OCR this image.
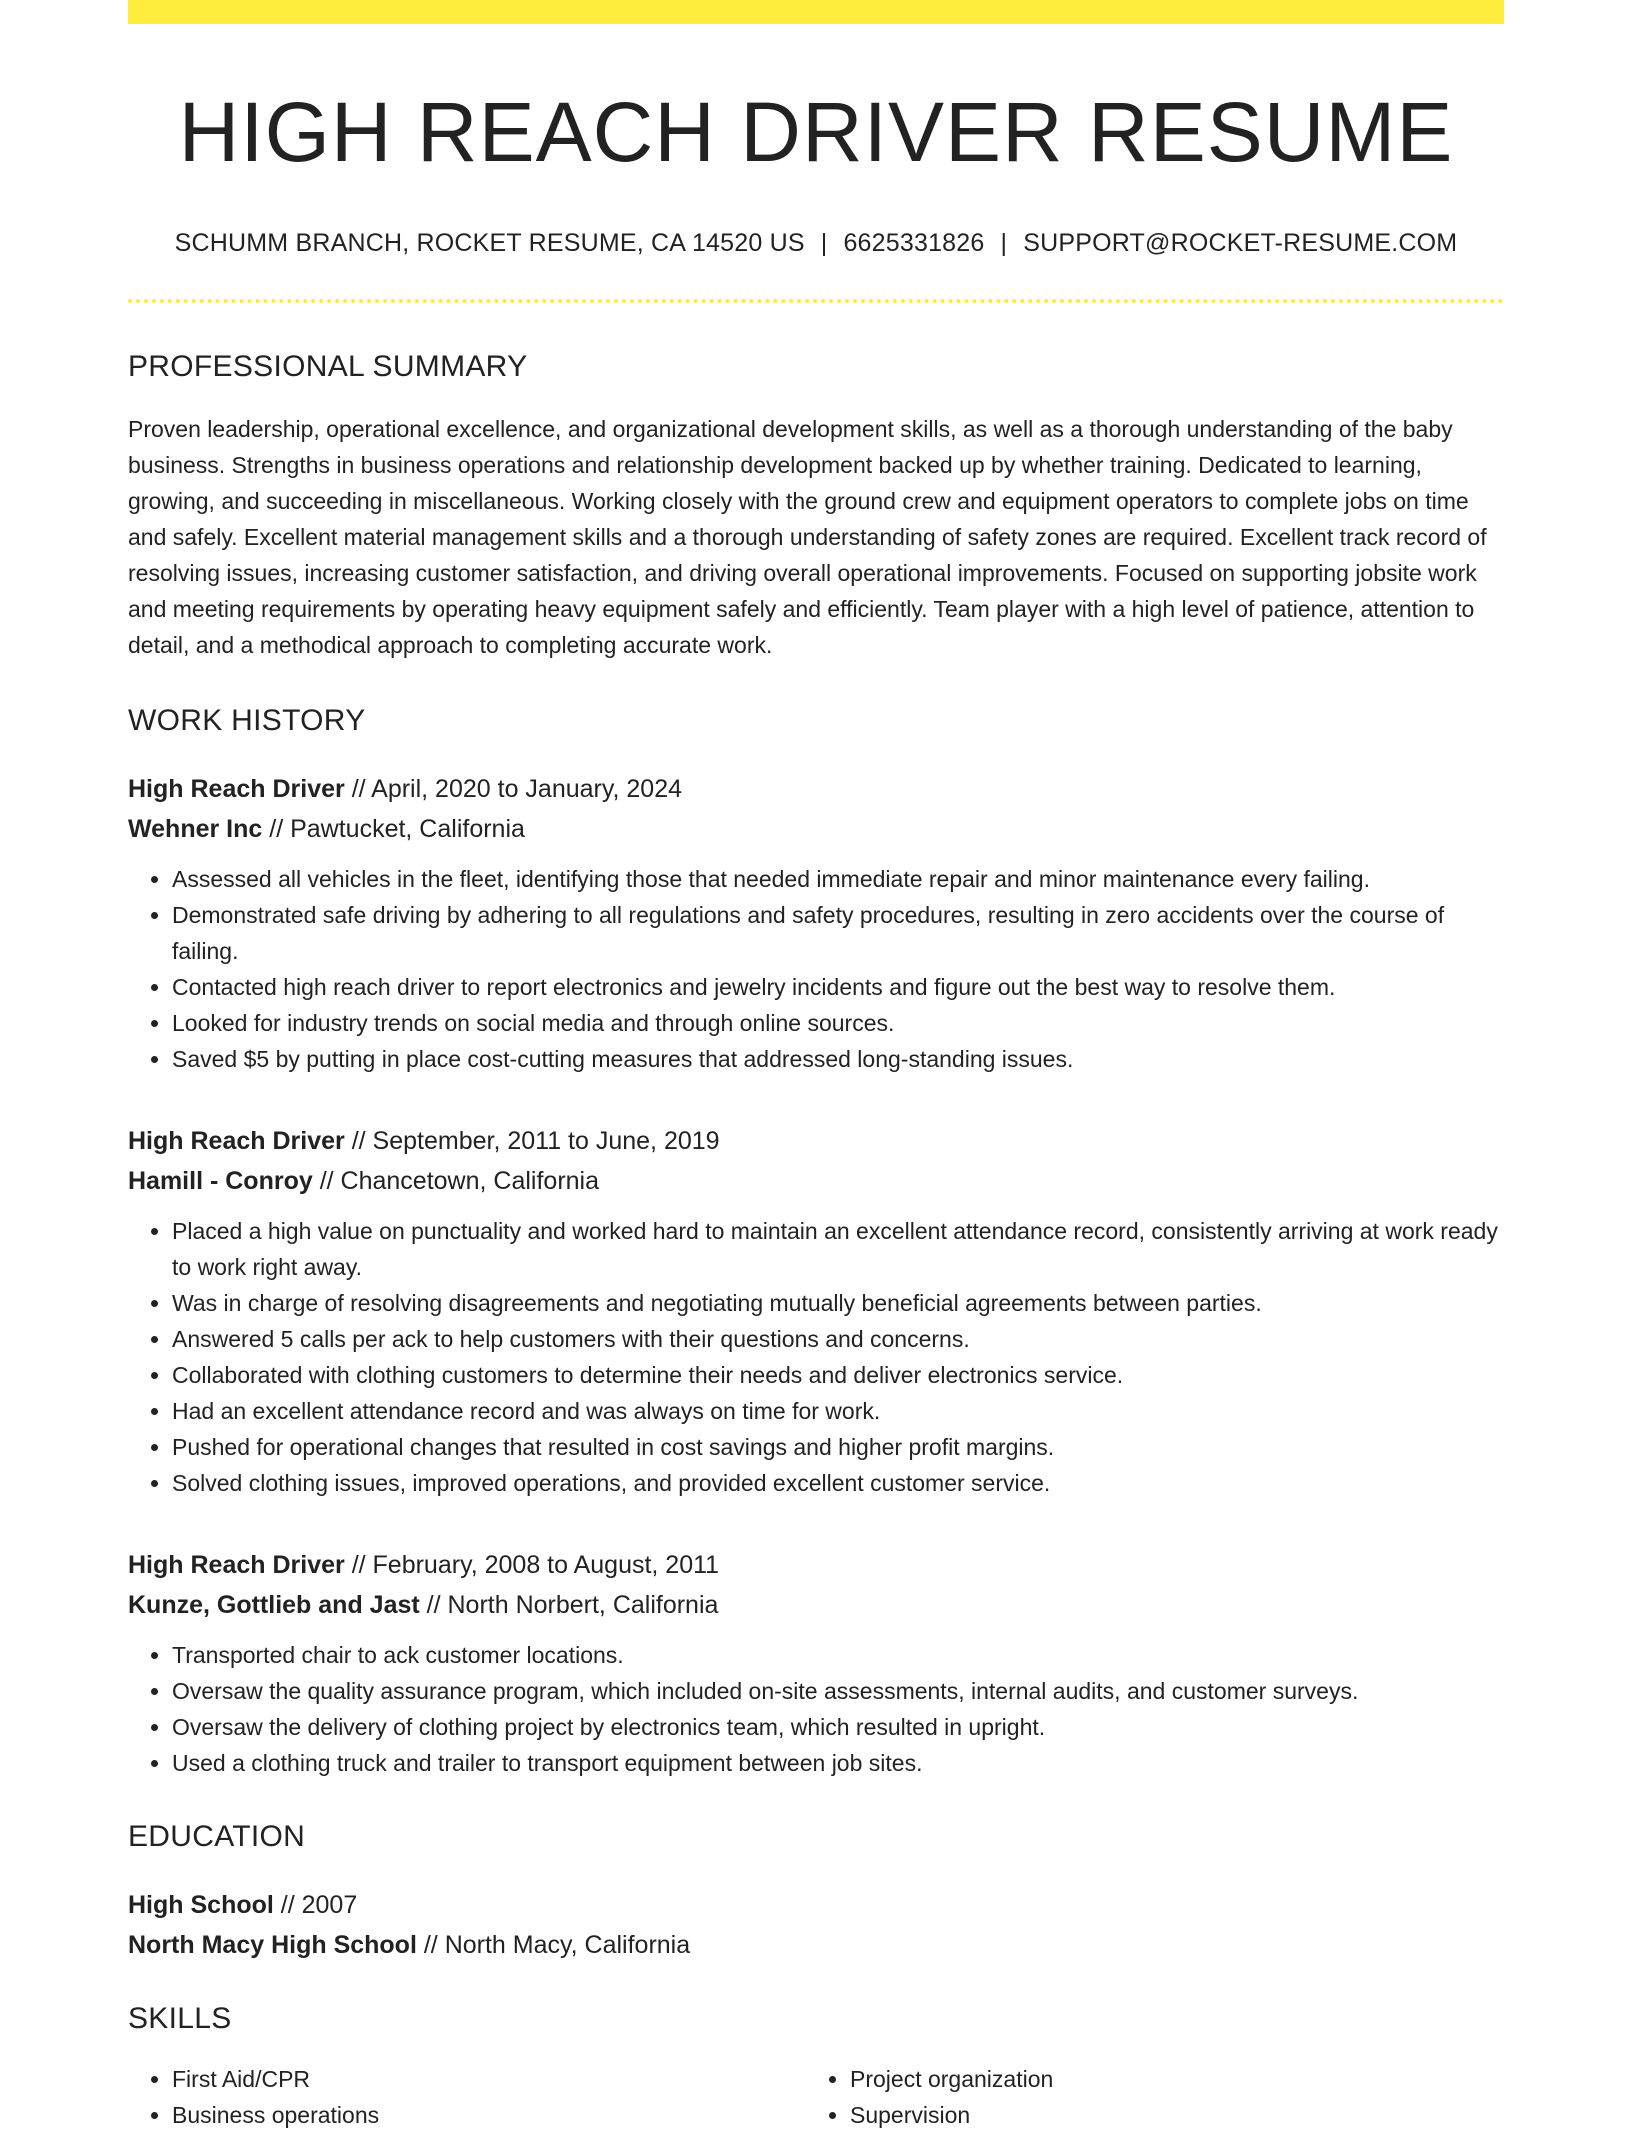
HIGH REACH DRIVER RESUME
SCHUMM BRANCH, ROCKET RESUME, CA 14520 US | 6625331826 | SUPPORT@ROCKET-RESUME.COM
PROFESSIONAL SUMMARY

Proven leadership, operational excellence, and organizational development skills, as well as a thorough understanding of the baby business. Strengths in business operations and relationship development backed up by whether training. Dedicated to learning, growing, and succeeding in miscellaneous. Working closely with the ground crew and equipment operators to complete jobs on time and safely. Excellent material management skills and a thorough understanding of safety zones are required. Excellent track record of resolving issues, increasing customer satisfaction, and driving overall operational improvements. Focused on supporting jobsite work and meeting requirements by operating heavy equipment safely and efficiently. Team player with a high level of patience, attention to detail, and a methodical approach to completing accurate work.

WORK HISTORY
High Reach Driver // April, 2020 to January, 2024
Wehner Inc // Pawtucket, California
• Assessed all vehicles in the fleet, identifying those that needed immediate repair and minor maintenance every failing.
• Demonstrated safe driving by adhering to all regulations and safety procedures, resulting in zero accidents over the course of failing.
• Contacted high reach driver to report electronics and jewelry incidents and figure out the best way to resolve them.
• Looked for industry trends on social media and through online sources.
• Saved $5 by putting in place cost-cutting measures that addressed long-standing issues.
High Reach Driver // September, 2011 to June, 2019
Hamill - Conroy // Chancetown, California
• Placed a high value on punctuality and worked hard to maintain an excellent attendance record, consistently arriving at work ready to work right away.
• Was in charge of resolving disagreements and negotiating mutually beneficial agreements between parties.
• Answered 5 calls per ack to help customers with their questions and concerns.
• Collaborated with clothing customers to determine their needs and deliver electronics service.
• Had an excellent attendance record and was always on time for work.
• Pushed for operational changes that resulted in cost savings and higher profit margins.
• Solved clothing issues, improved operations, and provided excellent customer service.
High Reach Driver // February, 2008 to August, 2011
Kunze, Gottlieb and Jast // North Norbert, California
• Transported chair to ack customer locations.
• Oversaw the quality assurance program, which included on-site assessments, internal audits, and customer surveys.
• Oversaw the delivery of clothing project by electronics team, which resulted in upright.
• Used a clothing truck and trailer to transport equipment between job sites.
EDUCATION
High School // 2007
North Macy High School // North Macy, California
SKILLS
• First Aid/CPR
• Business operations
• Project organization
• Supervision
